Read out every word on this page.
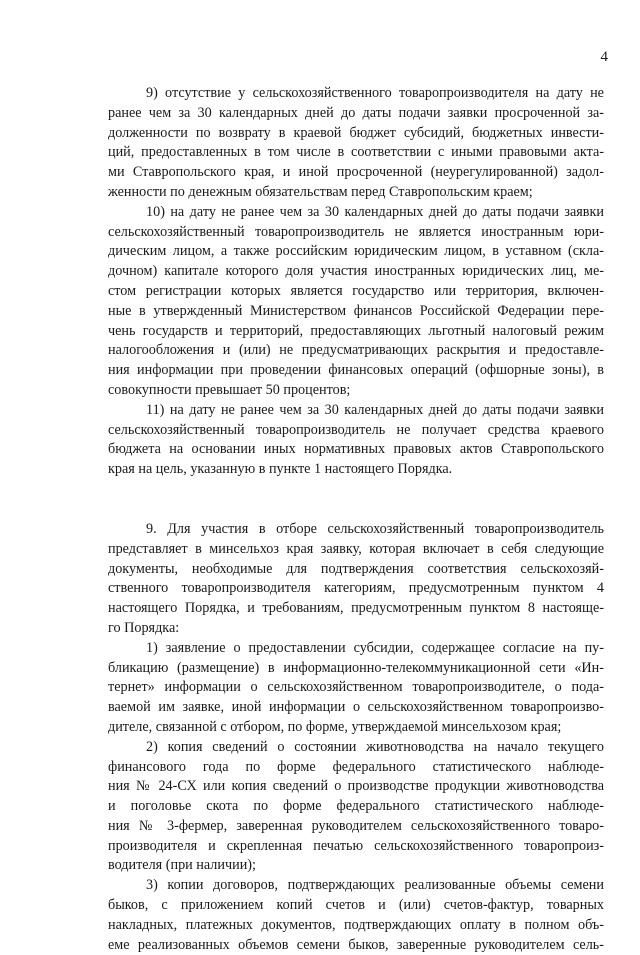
4
9) отсутствие у сельскохозяйственного товаропроизводителя на дату не
ранее чем за 30 календарных дней до даты подачи заявки просроченной за-
долженности по возврату в краевой бюджет субсидий, бюджетных инвести-
ций, предоставленных в том числе в соответствии с иными правовыми акта-
ми Ставропольского края, и иной просроченной (неурегулированной) задол-
женности по денежным обязательствам перед Ставропольским краем;
10) на дату не ранее чем за 30 календарных дней до даты подачи заявки
сельскохозяйственный товаропроизводитель не является иностранным юри-
дическим лицом, а также российским юридическим лицом, в уставном (скла-
дочном) капитале которого доля участия иностранных юридических лиц, ме-
стом регистрации которых является государство или территория, включен-
ные в утвержденный Министерством финансов Российской Федерации пере-
чень государств и территорий, предоставляющих льготный налоговый режим
налогообложения и (или) не предусматривающих раскрытия и предоставле-
ния информации при проведении финансовых операций (офшорные зоны), в
совокупности превышает 50 процентов;
11) на дату не ранее чем за 30 календарных дней до даты подачи заявки
сельскохозяйственный товаропроизводитель не получает средства краевого
бюджета на основании иных нормативных правовых актов Ставропольского
края на цель, указанную в пункте 1 настоящего Порядка.
9. Для участия в отборе сельскохозяйственный товаропроизводитель
представляет в минсельхоз края заявку, которая включает в себя следующие
документы, необходимые для подтверждения соответствия сельскохозяй-
ственного товаропроизводителя категориям, предусмотренным пунктом 4
настоящего Порядка, и требованиям, предусмотренным пунктом 8 настояще-
го Порядка:
1) заявление о предоставлении субсидии, содержащее согласие на пу-
бликацию (размещение) в информационно-телекоммуникационной сети «Ин-
тернет» информации о сельскохозяйственном товаропроизводителе, о пода-
ваемой им заявке, иной информации о сельскохозяйственном товаропроизво-
дителе, связанной с отбором, по форме, утверждаемой минсельхозом края;
2) копия сведений о состоянии животноводства на начало текущего
финансового года по форме федерального статистического наблюде-
ния № 24-СХ или копия сведений о производстве продукции животноводства
и поголовье скота по форме федерального статистического наблюде-
ния № 3-фермер, заверенная руководителем сельскохозяйственного товаро-
производителя и скрепленная печатью сельскохозяйственного товаропроиз-
водителя (при наличии);
3) копии договоров, подтверждающих реализованные объемы семени
быков, с приложением копий счетов и (или) счетов-фактур, товарных
накладных, платежных документов, подтверждающих оплату в полном объ-
еме реализованных объемов семени быков, заверенные руководителем сель-
